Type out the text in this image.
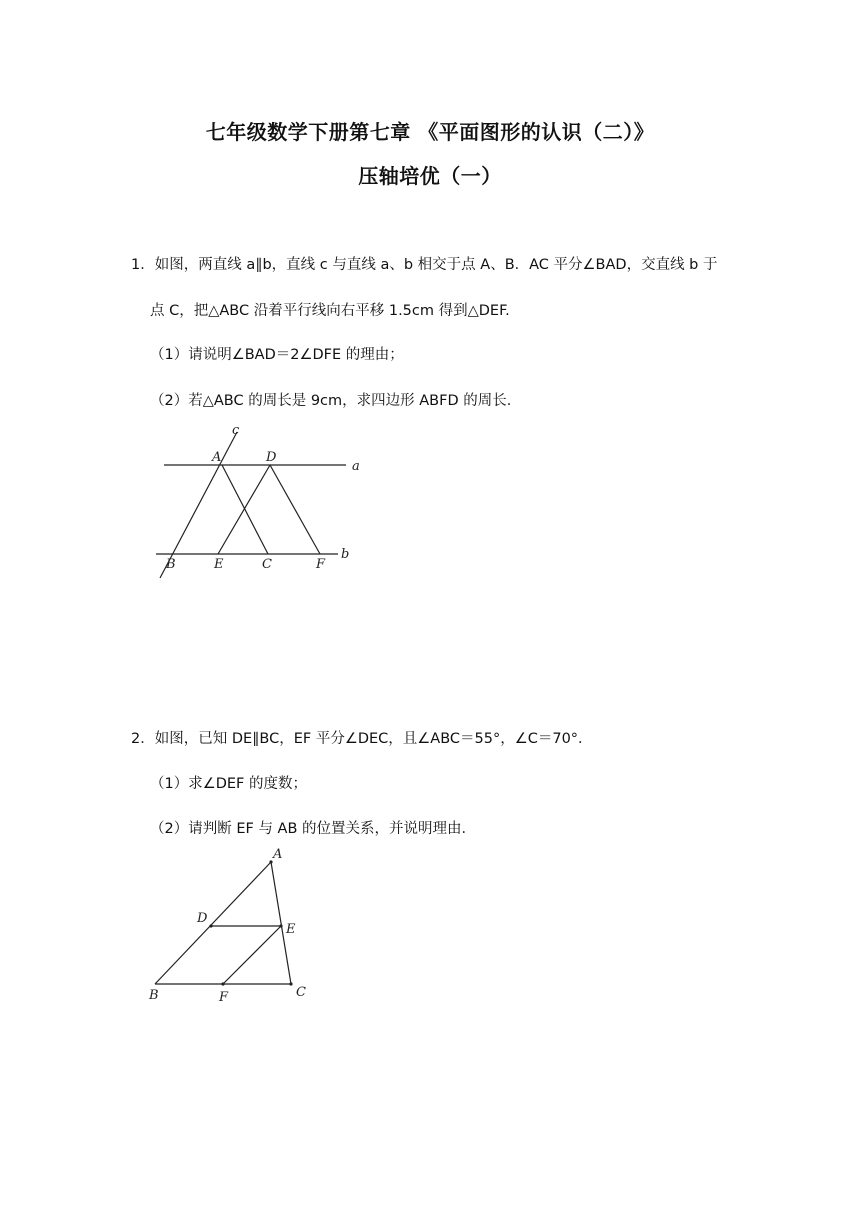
七年级数学下册第七章 《平面图形的认识（二）》
压轴培优（一）
1．如图，两直线 a∥b，直线 c 与直线 a、b 相交于点 A、B．AC 平分∠BAD，交直线 b 于
点 C，把△ABC 沿着平行线向右平移 1.5cm 得到△DEF.
（1）请说明∠BAD＝2∠DFE 的理由；
（2）若△ABC 的周长是 9cm，求四边形 ABFD 的周长．
c
A	D
a
b
B	E	C	F
2．如图，已知 DE∥BC，EF 平分∠DEC，且∠ABC＝55°，∠C＝70°．
（1）求∠DEF 的度数；
（2）请判断 EF 与 AB 的位置关系，并说明理由．
A
D
E
B	F	C
